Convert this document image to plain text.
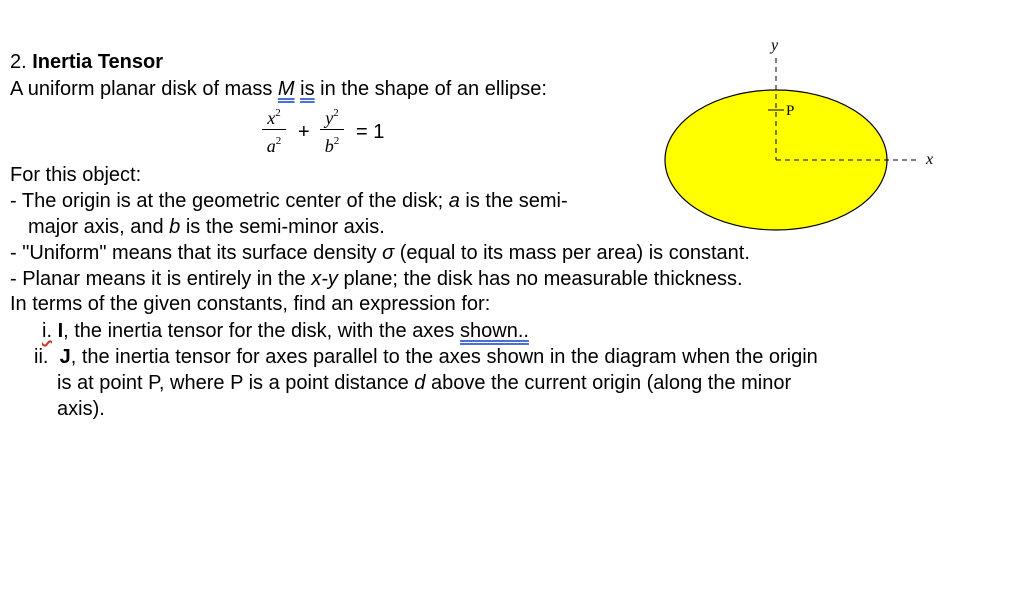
2. Inertia Tensor
A uniform planar disk of mass M is in the shape of an ellipse:
$x^2$
$a^2$ +
$y^2$
$b^2 = 1$
For this object:
- The origin is at the geometric center of the disk; a is the semi-
major axis, and b is the semi-minor axis.
- "Uniform" means that its surface density σ (equal to its mass per area) is constant.
- Planar means it is entirely in the x-y plane; the disk has no measurable thickness.
In terms of the given constants, find an expression for:
i. I, the inertia tensor for the disk, with the axes shown..
ii. J, the inertia tensor for axes parallel to the axes shown in the diagram when the origin
is at point P, where P is a point distance d above the current origin (along the minor
axis).
y
x
P
